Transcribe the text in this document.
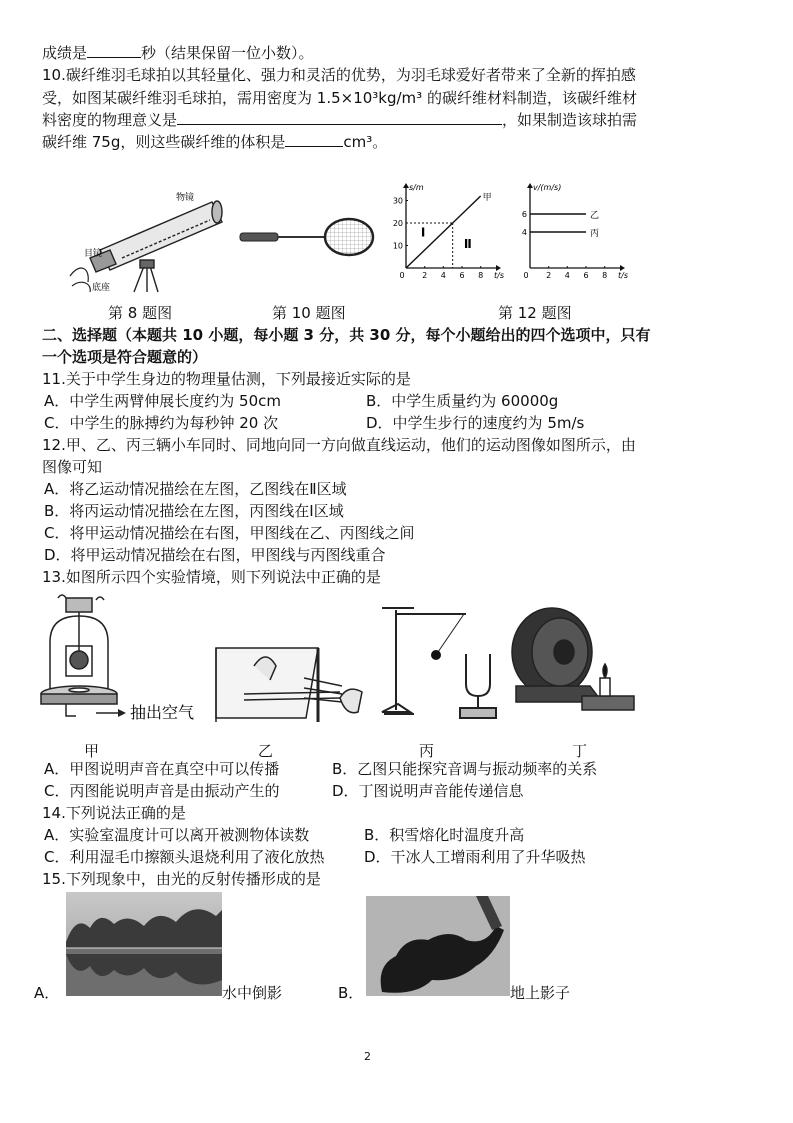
成绩是	秒（结果保留一位小数）。
10.碳纤维羽毛球拍以其轻量化、强力和灵活的优势，为羽毛球爱好者带来了全新的挥拍感
受，如图某碳纤维羽毛球拍，需用密度为 1.5×10³kg/m³ 的碳纤维材料制造，该碳纤维材
料密度的物理意义是	，如果制造该球拍需
碳纤维 75g，则这些碳纤维的体积是	cm³。
物镜
目镜
底座
0 2 4 6 8
10
20
30
t/s
s/m
甲
Ⅰ
Ⅱ
0 2 4 6 8
4
6
t/s
v/(m/s)
乙
丙
第 8 题图	第 10 题图	第 12 题图
二、选择题（本题共 10 小题，每小题 3 分，共 30 分，每个小题给出的四个选项中，只有
一个选项是符合题意的）
11.关于中学生身边的物理量估测，下列最接近实际的是
A．中学生两臂伸展长度约为 50cm	B．中学生质量约为 60000g
C．中学生的脉搏约为每秒钟 20 次	D．中学生步行的速度约为 5m/s
12.甲、乙、丙三辆小车同时、同地向同一方向做直线运动，他们的运动图像如图所示，由
图像可知
A．将乙运动情况描绘在左图，乙图线在Ⅱ区域
B．将丙运动情况描绘在左图，丙图线在Ⅰ区域
C．将甲运动情况描绘在右图，甲图线在乙、丙图线之间
D．将甲运动情况描绘在右图，甲图线与丙图线重合
13.如图所示四个实验情境，则下列说法中正确的是
抽出空气
甲	乙	丙	丁
A．甲图说明声音在真空中可以传播	B．乙图只能探究音调与振动频率的关系
C．丙图能说明声音是由振动产生的	D．丁图说明声音能传递信息
14.下列说法正确的是
A．实验室温度计可以离开被测物体读数	B．积雪熔化时温度升高
C．利用湿毛巾擦额头退烧利用了液化放热	D．干冰人工增雨利用了升华吸热
15.下列现象中，由光的反射传播形成的是
A．	水中倒影	B．	地上影子
2
